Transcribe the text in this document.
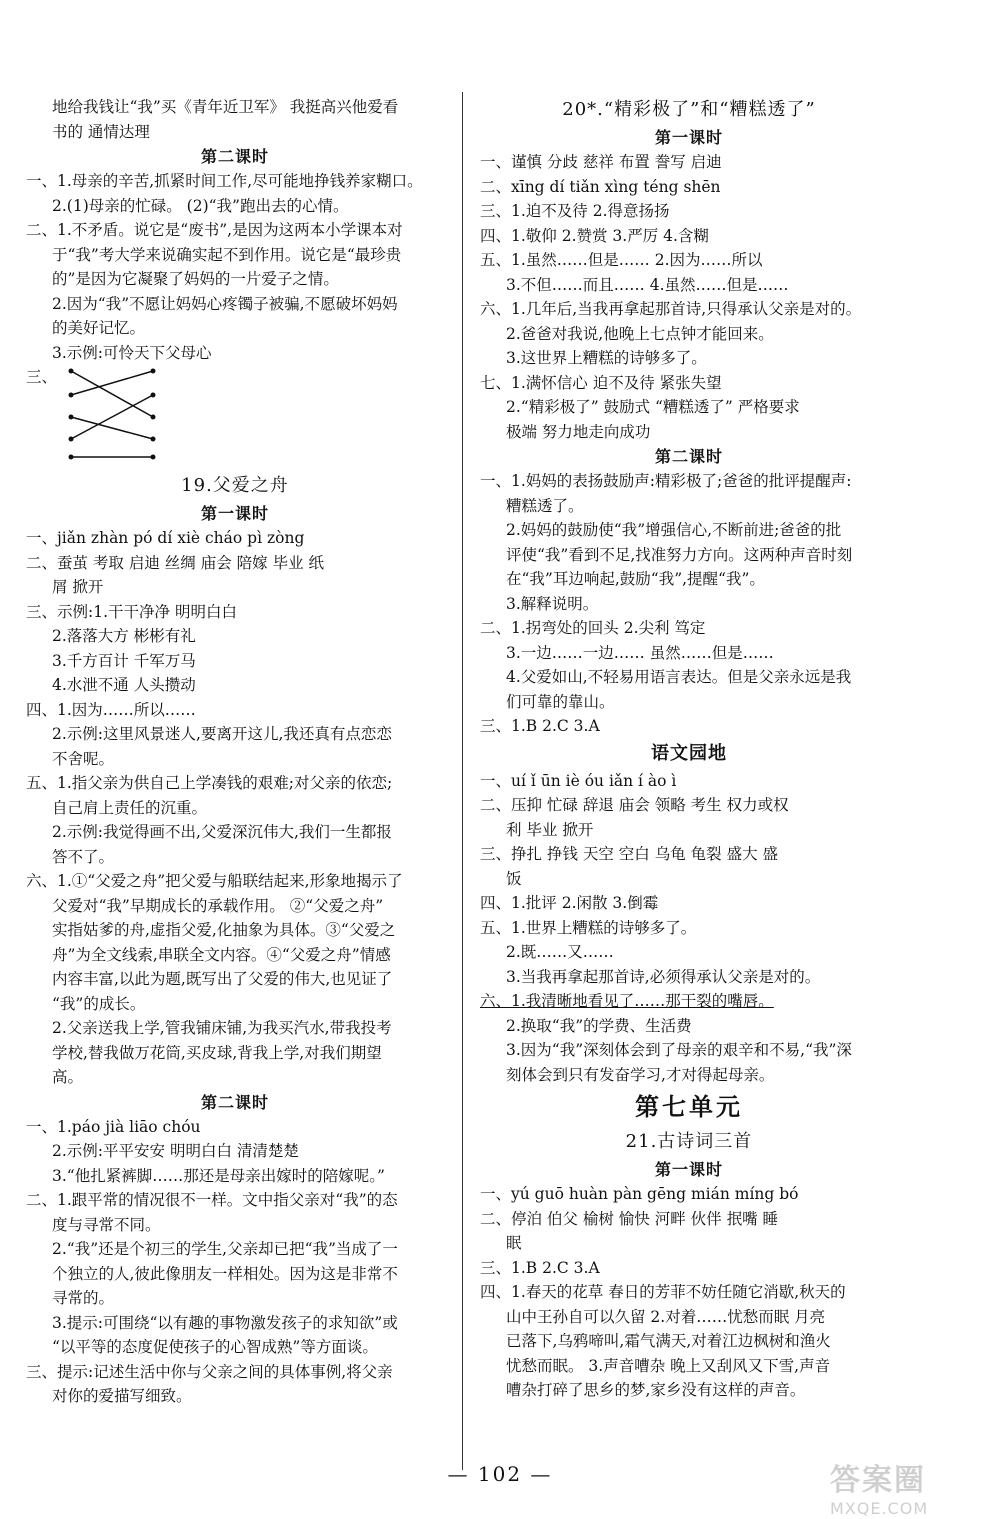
地给我钱让“我”买《青年近卫军》 我挺高兴他爱看
书的 通情达理
第二课时
一、1.母亲的辛苦,抓紧时间工作,尽可能地挣钱养家糊口。
2.(1)母亲的忙碌。 (2)“我”跑出去的心情。
二、1.不矛盾。说它是“废书”,是因为这两本小学课本对
于“我”考大学来说确实起不到作用。说它是“最珍贵
的”是因为它凝聚了妈妈的一片爱子之情。
2.因为“我”不愿让妈妈心疼镯子被骗,不愿破坏妈妈
的美好记忆。
3.示例:可怜天下父母心
三、
19.父爱之舟
第一课时
一、jiǎn zhàn pó dí xiè cháo pì zòng
二、蚕茧 考取 启迪 丝绸 庙会 陪嫁 毕业 纸
屑 掀开
三、示例:1.干干净净 明明白白
2.落落大方 彬彬有礼
3.千方百计 千军万马
4.水泄不通 人头攒动
四、1.因为……所以……
2.示例:这里风景迷人,要离开这儿,我还真有点恋恋
不舍呢。
五、1.指父亲为供自己上学凑钱的艰难;对父亲的依恋;
自己肩上责任的沉重。
2.示例:我觉得画不出,父爱深沉伟大,我们一生都报
答不了。
六、1.①“父爱之舟”把父爱与船联结起来,形象地揭示了
父爱对“我”早期成长的承载作用。 ②“父爱之舟”
实指姑爹的舟,虚指父爱,化抽象为具体。③“父爱之
舟”为全文线索,串联全文内容。④“父爱之舟”情感
内容丰富,以此为题,既写出了父爱的伟大,也见证了
“我”的成长。
2.父亲送我上学,管我铺床铺,为我买汽水,带我投考
学校,替我做万花筒,买皮球,背我上学,对我们期望
高。
第二课时
一、1.páo jià liāo chóu
2.示例:平平安安 明明白白 清清楚楚
3.“他扎紧裤脚……那还是母亲出嫁时的陪嫁呢。”
二、1.跟平常的情况很不一样。文中指父亲对“我”的态
度与寻常不同。
2.“我”还是个初三的学生,父亲却已把“我”当成了一
个独立的人,彼此像朋友一样相处。因为这是非常不
寻常的。
3.提示:可围绕“以有趣的事物激发孩子的求知欲”或
“以平等的态度促使孩子的心智成熟”等方面谈。
三、提示:记述生活中你与父亲之间的具体事例,将父亲
对你的爱描写细致。
20*.“精彩极了”和“糟糕透了”
第一课时
一、谨慎 分歧 慈祥 布置 誊写 启迪
二、xīng dí tiǎn xìng téng shēn
三、1.迫不及待 2.得意扬扬
四、1.敬仰 2.赞赏 3.严厉 4.含糊
五、1.虽然……但是…… 2.因为……所以
3.不但……而且…… 4.虽然……但是……
六、1.几年后,当我再拿起那首诗,只得承认父亲是对的。
2.爸爸对我说,他晚上七点钟才能回来。
3.这世界上糟糕的诗够多了。
七、1.满怀信心 迫不及待 紧张失望
2.“精彩极了” 鼓励式 “糟糕透了” 严格要求
极端 努力地走向成功
第二课时
一、1.妈妈的表扬鼓励声:精彩极了;爸爸的批评提醒声:
糟糕透了。
2.妈妈的鼓励使“我”增强信心,不断前进;爸爸的批
评使“我”看到不足,找准努力方向。这两种声音时刻
在“我”耳边响起,鼓励“我”,提醒“我”。
3.解释说明。
二、1.拐弯处的回头 2.尖利 笃定
3.一边……一边…… 虽然……但是……
4.父爱如山,不轻易用语言表达。但是父亲永远是我
们可靠的靠山。
三、1.B 2.C 3.A
语文园地
一、uí ǐ ūn iè óu iǎn í ào ì
二、压抑 忙碌 辞退 庙会 领略 考生 权力或权
利 毕业 掀开
三、挣扎 挣钱 天空 空白 乌龟 龟裂 盛大 盛
饭
四、1.批评 2.闲散 3.倒霉
五、1.世界上糟糕的诗够多了。
2.既……又……
3.当我再拿起那首诗,必须得承认父亲是对的。
六、1.我清晰地看见了……那干裂的嘴唇。
2.换取“我”的学费、生活费
3.因为“我”深刻体会到了母亲的艰辛和不易,“我”深
刻体会到只有发奋学习,才对得起母亲。
第七单元
21.古诗词三首
第一课时
一、yú guō huàn pàn gēng mián míng bó
二、停泊 伯父 榆树 愉快 河畔 伙伴 抿嘴 睡
眠
三、1.B 2.C 3.A
四、1.春天的花草 春日的芳菲不妨任随它消歇,秋天的
山中王孙自可以久留 2.对着……忧愁而眠 月亮
已落下,乌鸦啼叫,霜气满天,对着江边枫树和渔火
忧愁而眠。 3.声音嘈杂 晚上又刮风又下雪,声音
嘈杂打碎了思乡的梦,家乡没有这样的声音。
— 102 —	答案圈
MXQE.COM
